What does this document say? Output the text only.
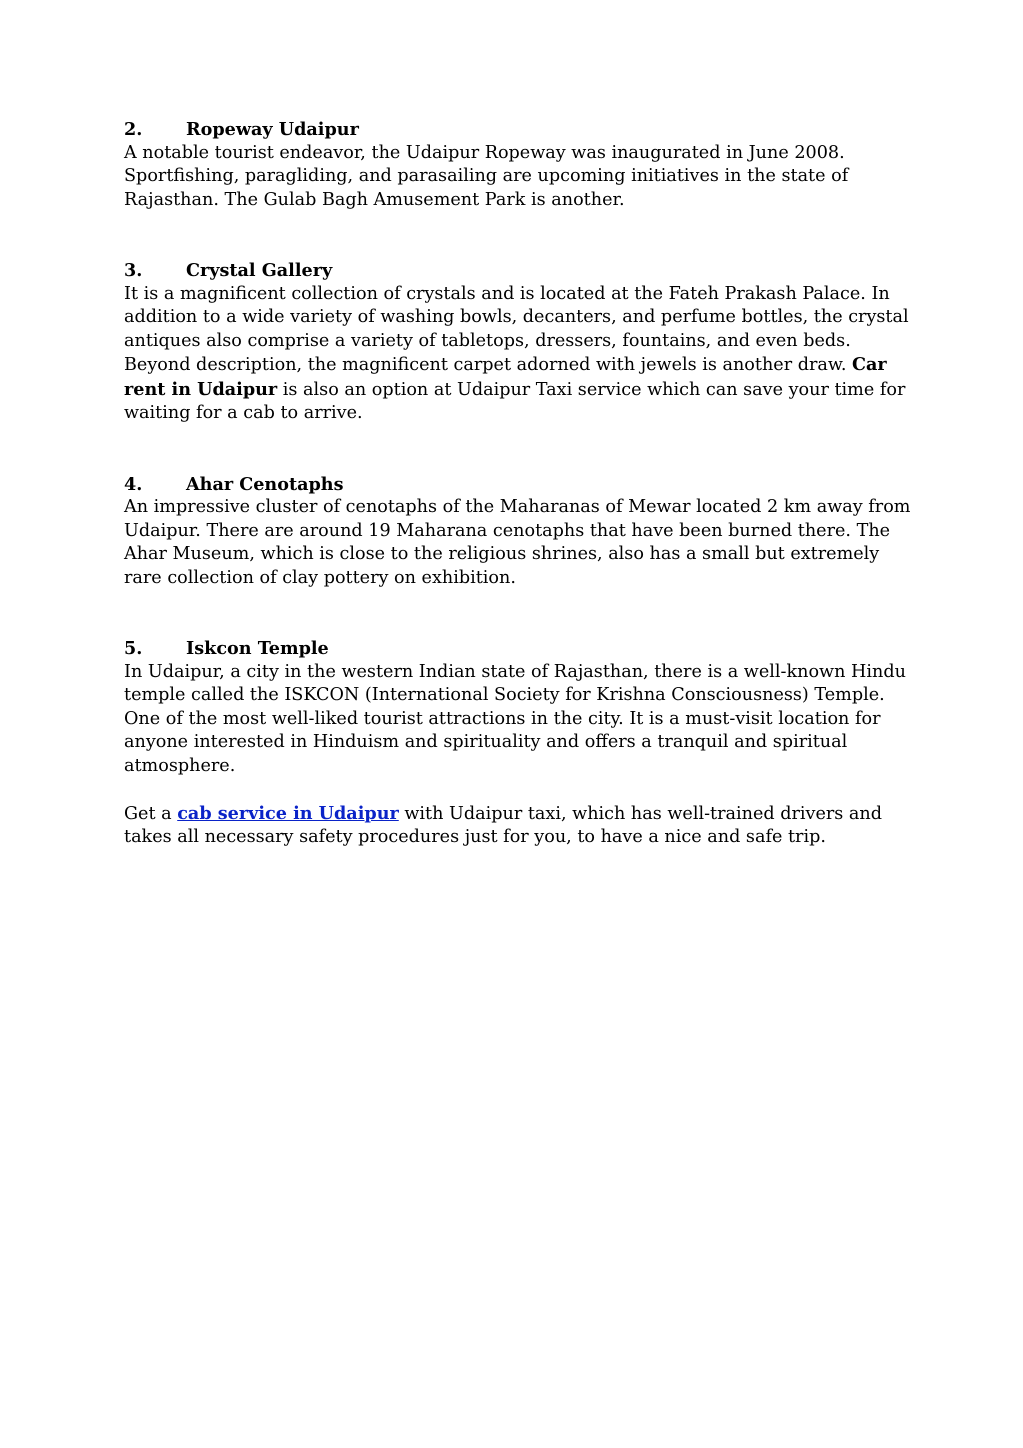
2. Ropeway Udaipur

A notable tourist endeavor, the Udaipur Ropeway was inaugurated in June 2008. Sportfishing, paragliding, and parasailing are upcoming initiatives in the state of Rajasthan. The Gulab Bagh Amusement Park is another.

3. Crystal Gallery

It is a magnificent collection of crystals and is located at the Fateh Prakash Palace. In addition to a wide variety of washing bowls, decanters, and perfume bottles, the crystal antiques also comprise a variety of tabletops, dressers, fountains, and even beds. Beyond description, the magnificent carpet adorned with jewels is another draw. Car rent in Udaipur is also an option at Udaipur Taxi service which can save your time for waiting for a cab to arrive.

4. Ahar Cenotaphs

An impressive cluster of cenotaphs of the Maharanas of Mewar located 2 km away from Udaipur. There are around 19 Maharana cenotaphs that have been burned there. The Ahar Museum, which is close to the religious shrines, also has a small but extremely rare collection of clay pottery on exhibition.

5. Iskcon Temple

In Udaipur, a city in the western Indian state of Rajasthan, there is a well-known Hindu temple called the ISKCON (International Society for Krishna Consciousness) Temple. One of the most well-liked tourist attractions in the city. It is a must-visit location for anyone interested in Hinduism and spirituality and offers a tranquil and spiritual atmosphere.

Get a cab service in Udaipur with Udaipur taxi, which has well-trained drivers and takes all necessary safety procedures just for you, to have a nice and safe trip.
